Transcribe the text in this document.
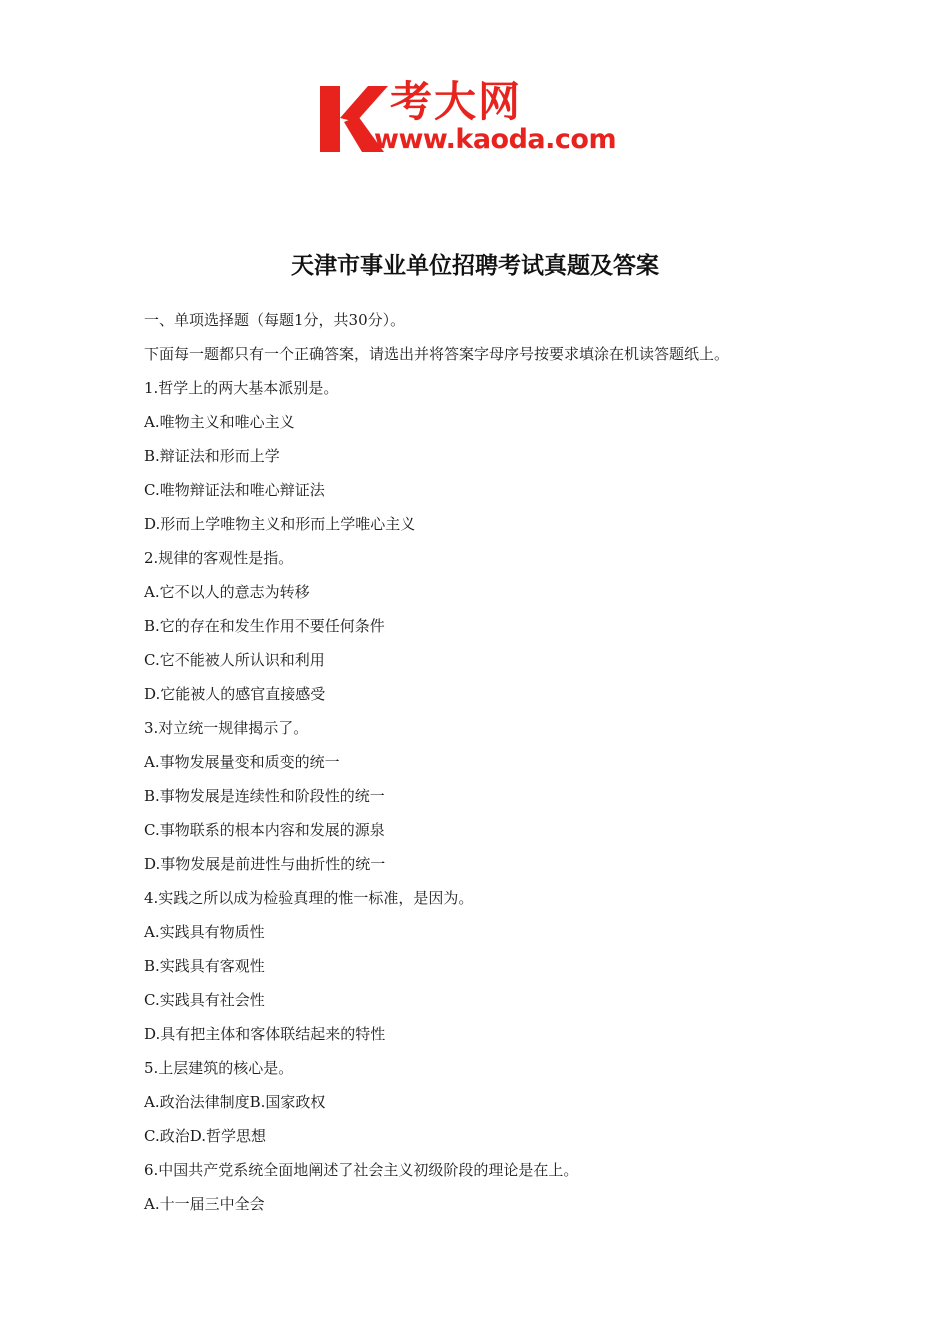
考大网
www.kaoda.com
天津市事业单位招聘考试真题及答案
一、单项选择题（每题1分，共30分）。
下面每一题都只有一个正确答案，请选出并将答案字母序号按要求填涂在机读答题纸上。
1.哲学上的两大基本派别是。
A.唯物主义和唯心主义
B.辩证法和形而上学
C.唯物辩证法和唯心辩证法
D.形而上学唯物主义和形而上学唯心主义
2.规律的客观性是指。
A.它不以人的意志为转移
B.它的存在和发生作用不要任何条件
C.它不能被人所认识和利用
D.它能被人的感官直接感受
3.对立统一规律揭示了。
A.事物发展量变和质变的统一
B.事物发展是连续性和阶段性的统一
C.事物联系的根本内容和发展的源泉
D.事物发展是前进性与曲折性的统一
4.实践之所以成为检验真理的惟一标准，是因为。
A.实践具有物质性
B.实践具有客观性
C.实践具有社会性
D.具有把主体和客体联结起来的特性
5.上层建筑的核心是。
A.政治法律制度B.国家政权
C.政治D.哲学思想
6.中国共产党系统全面地阐述了社会主义初级阶段的理论是在上。
A.十一届三中全会
